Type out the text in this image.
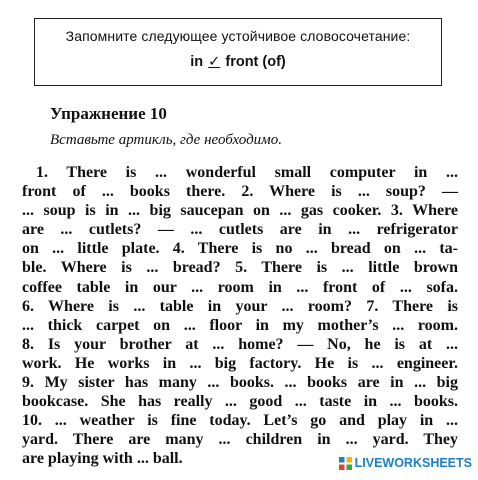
Запомните следующее устойчивое словосочетание:
in ✓ front (of)
Упражнение 10

Вставьте артикль, где необходимо.

1. There is ... wonderful small computer in ...
front of ... books there. 2. Where is ... soup? —
... soup is in ... big saucepan on ... gas cooker. 3. Where
are ... cutlets? — ... cutlets are in ... refrigerator
on ... little plate. 4. There is no ... bread on ... ta-
ble. Where is ... bread? 5. There is ... little brown
coffee table in our ... room in ... front of ... sofa.
6. Where is ... table in your ... room? 7. There is
... thick carpet on ... floor in my mother’s ... room.
8. Is your brother at ... home? — No, he is at ...
work. He works in ... big factory. He is ... engineer.
9. My sister has many ... books. ... books are in ... big
bookcase. She has really ... good ... taste in ... books.
10. ... weather is fine today. Let’s go and play in ...
yard. There are many ... children in ... yard. They
are playing with ... ball.	LIVEWORKSHEETS
